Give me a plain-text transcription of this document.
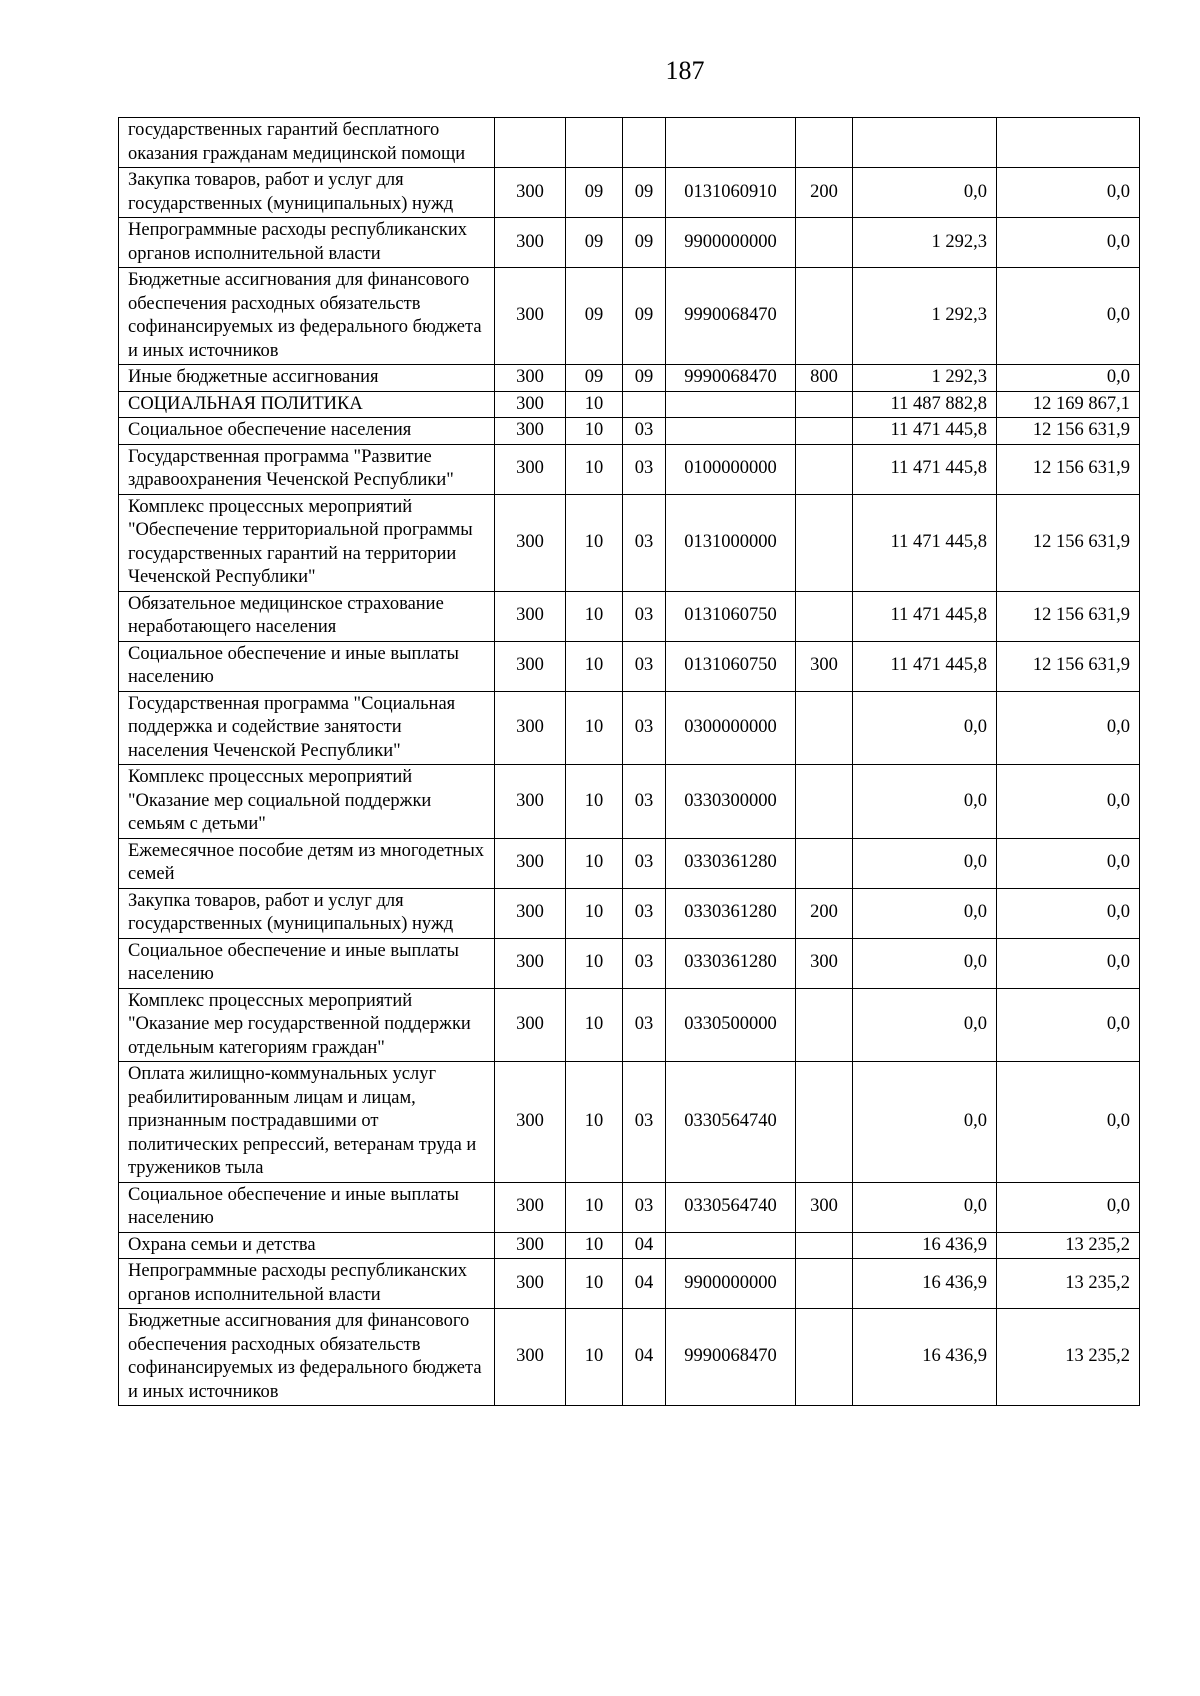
187
государственных гарантий бесплатного оказания гражданам медицинской помощи							
Закупка товаров, работ и услуг для государственных (муниципальных) нужд	300	09	09	0131060910	200	0,0	0,0
Непрограммные расходы республиканских органов исполнительной власти	300	09	09	9900000000		1 292,3	0,0
Бюджетные ассигнования для финансового обеспечения расходных обязательств софинансируемых из федерального бюджета и иных источников	300	09	09	9990068470		1 292,3	0,0
Иные бюджетные ассигнования	300	09	09	9990068470	800	1 292,3	0,0
СОЦИАЛЬНАЯ ПОЛИТИКА	300	10				11 487 882,8	12 169 867,1
Социальное обеспечение населения	300	10	03			11 471 445,8	12 156 631,9
Государственная программа "Развитие здравоохранения Чеченской Республики"	300	10	03	0100000000		11 471 445,8	12 156 631,9
Комплекс процессных мероприятий "Обеспечение территориальной программы государственных гарантий на территории Чеченской Республики"	300	10	03	0131000000		11 471 445,8	12 156 631,9
Обязательное медицинское страхование неработающего населения	300	10	03	0131060750		11 471 445,8	12 156 631,9
Социальное обеспечение и иные выплаты населению	300	10	03	0131060750	300	11 471 445,8	12 156 631,9
Государственная программа "Социальная поддержка и содействие занятости населения Чеченской Республики"	300	10	03	0300000000		0,0	0,0
Комплекс процессных мероприятий "Оказание мер социальной поддержки семьям с детьми"	300	10	03	0330300000		0,0	0,0
Ежемесячное пособие детям из многодетных семей	300	10	03	0330361280		0,0	0,0
Закупка товаров, работ и услуг для государственных (муниципальных) нужд	300	10	03	0330361280	200	0,0	0,0
Социальное обеспечение и иные выплаты населению	300	10	03	0330361280	300	0,0	0,0
Комплекс процессных мероприятий "Оказание мер государственной поддержки отдельным категориям граждан"	300	10	03	0330500000		0,0	0,0
Оплата жилищно-коммунальных услуг реабилитированным лицам и лицам, признанным пострадавшими от политических репрессий, ветеранам труда и тружеников тыла	300	10	03	0330564740		0,0	0,0
Социальное обеспечение и иные выплаты населению	300	10	03	0330564740	300	0,0	0,0
Охрана семьи и детства	300	10	04			16 436,9	13 235,2
Непрограммные расходы республиканских органов исполнительной власти	300	10	04	9900000000		16 436,9	13 235,2
Бюджетные ассигнования для финансового обеспечения расходных обязательств софинансируемых из федерального бюджета и иных источников	300	10	04	9990068470		16 436,9	13 235,2
